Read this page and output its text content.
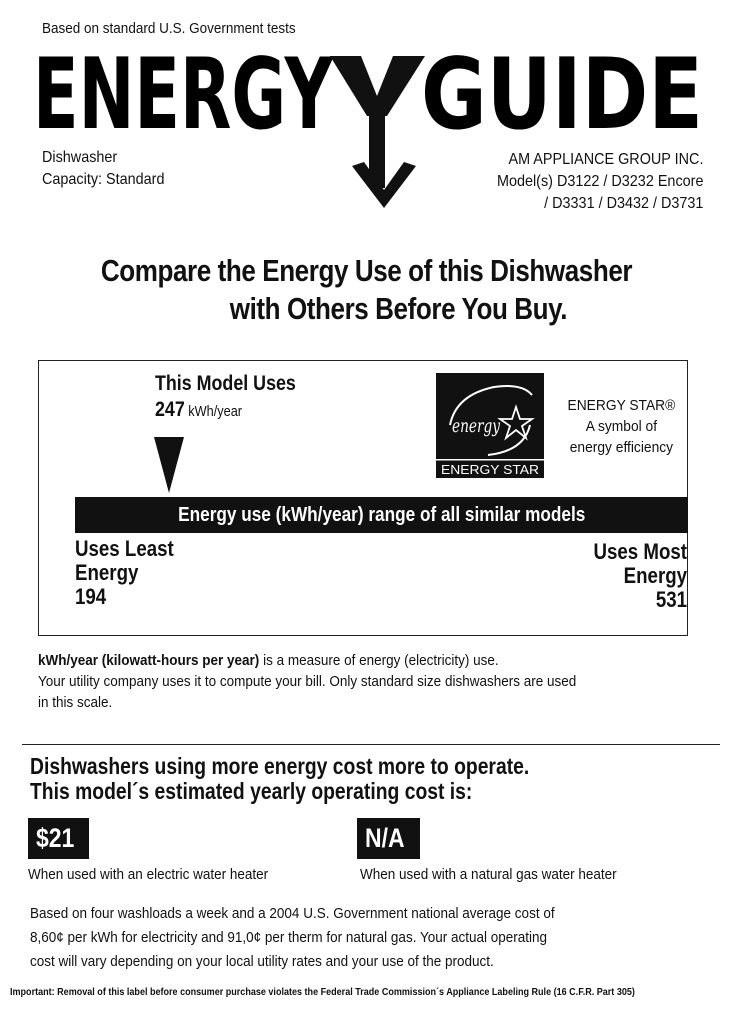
Based on standard U.S. Government tests
ENERGY GUIDE
Dishwasher
Capacity: Standard
AM APPLIANCE GROUP INC.
Model(s) D3122 / D3232 Encore
/ D3331 / D3432 / D3731
Compare the Energy Use of this Dishwasher
with Others Before You Buy.
This Model Uses
247 kWh/year
energy
ENERGY STAR
ENERGY STAR®
A symbol of
energy efficiency
Energy use (kWh/year) range of all similar models
Uses Least
Energy
194
Uses Most
Energy
531
kWh/year (kilowatt-hours per year) is a measure of energy (electricity) use.
Your utility company uses it to compute your bill. Only standard size dishwashers are used
in this scale.
Dishwashers using more energy cost more to operate.
This model´s estimated yearly operating cost is:
$21	N/A
When used with an electric water heater	When used with a natural gas water heater
Based on four washloads a week and a 2004 U.S. Government national average cost of
8,60¢ per kWh for electricity and 91,0¢ per therm for natural gas. Your actual operating
cost will vary depending on your local utility rates and your use of the product.
Important: Removal of this label before consumer purchase violates the Federal Trade Commission´s Appliance Labeling Rule (16 C.F.R. Part 305)
